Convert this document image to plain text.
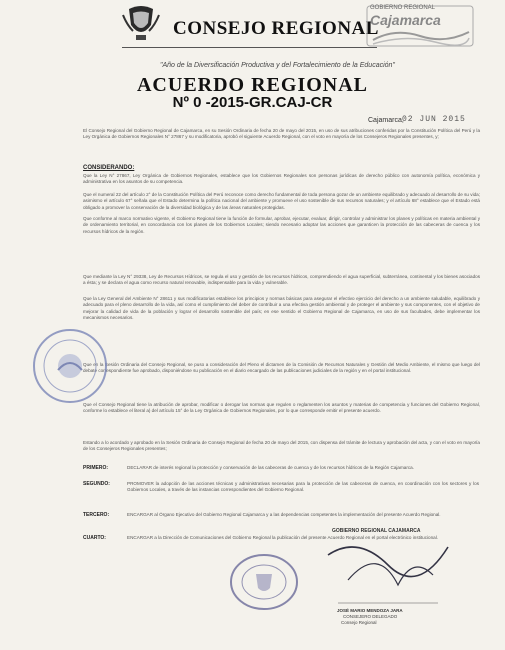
CONSEJO REGIONAL
GOBIERNO REGIONAL
Cajamarca
"Año de la Diversificación Productiva y del Fortalecimiento de la Educación"
ACUERDO REGIONAL
Nº 0 -2015-GR.CAJ-CR
Cajamarca,
02 JUN 2015

El Consejo Regional del Gobierno Regional de Cajamarca, en su Sesión Ordinaria de fecha 20 de mayo del 2015, en uso de sus atribuciones conferidas por la Constitución Política del Perú y la Ley Orgánica de Gobiernos Regionales N° 27867 y su modificatoria, aprobó el siguiente Acuerdo Regional, con el voto en mayoría de los Consejeros Regionales presentes, y;

CONSIDERANDO:

Que la Ley N° 27867, Ley Orgánica de Gobiernos Regionales, establece que los Gobiernos Regionales son personas jurídicas de derecho público con autonomía política, económica y administrativa en los asuntos de su competencia.

Que el numeral 22 del artículo 2° de la Constitución Política del Perú reconoce como derecho fundamental de toda persona gozar de un ambiente equilibrado y adecuado al desarrollo de su vida; asimismo el artículo 67° señala que el Estado determina la política nacional del ambiente y promueve el uso sostenible de sus recursos naturales; y el artículo 68° establece que el Estado está obligado a promover la conservación de la diversidad biológica y de las áreas naturales protegidas.

Que conforme al marco normativo vigente, el Gobierno Regional tiene la función de formular, aprobar, ejecutar, evaluar, dirigir, controlar y administrar los planes y políticas en materia ambiental y de ordenamiento territorial, en concordancia con los planes de los Gobiernos Locales; siendo necesario adoptar las acciones que garanticen la protección de las cabeceras de cuenca y los recursos hídricos de la región.

Que mediante la Ley N° 29338, Ley de Recursos Hídricos, se regula el uso y gestión de los recursos hídricos, comprendiendo el agua superficial, subterránea, continental y los bienes asociados a ésta; y se declara el agua como recurso natural renovable, indispensable para la vida y vulnerable.

Que la Ley General del Ambiente N° 28611 y sus modificatorias establece los principios y normas básicas para asegurar el efectivo ejercicio del derecho a un ambiente saludable, equilibrado y adecuado para el pleno desarrollo de la vida, así como el cumplimiento del deber de contribuir a una efectiva gestión ambiental y de proteger el ambiente y sus componentes, con el objetivo de mejorar la calidad de vida de la población y lograr el desarrollo sostenible del país; en ese sentido el Gobierno Regional de Cajamarca, en uso de sus facultades, debe implementar los mecanismos necesarios.

Que en la Sesión Ordinaria del Consejo Regional, se puso a consideración del Pleno el dictamen de la Comisión de Recursos Naturales y Gestión del Medio Ambiente, el mismo que luego del debate correspondiente fue aprobado, disponiéndose su publicación en el diario encargado de las publicaciones judiciales de la región y en el portal institucional.

Que el Consejo Regional tiene la atribución de aprobar, modificar o derogar las normas que regulen o reglamenten los asuntos y materias de competencia y funciones del Gobierno Regional, conforme lo establece el literal a) del artículo 15° de la Ley Orgánica de Gobiernos Regionales, por lo que corresponde emitir el presente acuerdo.

Estando a lo acordado y aprobado en la Sesión Ordinaria de Consejo Regional de fecha 20 de mayo del 2015, con dispensa del trámite de lectura y aprobación del acta, y con el voto en mayoría de los Consejeros Regionales presentes;

PRIMERO:	DECLARAR de interés regional la protección y conservación de las cabeceras de cuenca y de los recursos hídricos de la Región Cajamarca.

SEGUNDO:	PROMOVER la adopción de las acciones técnicas y administrativas necesarias para la protección de las cabeceras de cuenca, en coordinación con los sectores y los Gobiernos Locales, a través de las instancias correspondientes del Gobierno Regional.

TERCERO:	ENCARGAR al Órgano Ejecutivo del Gobierno Regional Cajamarca y a las dependencias competentes la implementación del presente Acuerdo Regional.

CUARTO:	ENCARGAR a la Dirección de Comunicaciones del Gobierno Regional la publicación del presente Acuerdo Regional en el portal electrónico institucional.

GOBIERNO REGIONAL CAJAMARCA
JOSÉ MARIO MENDOZA JARA
CONSEJERO DELEGADO
Consejo Regional
